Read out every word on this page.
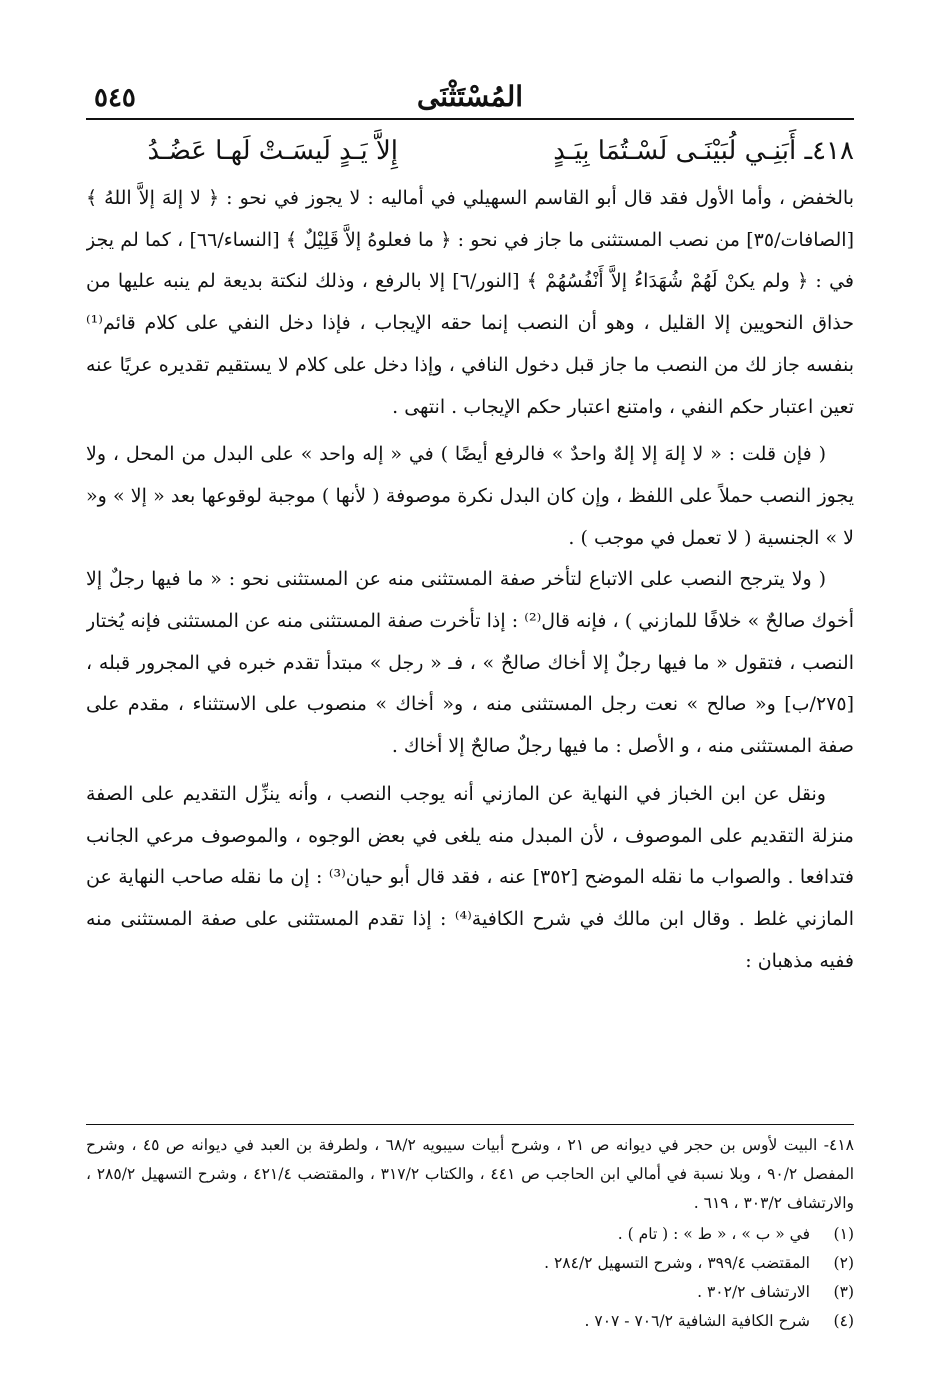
المُسْتَثْنَى
٥٤٥
٤١٨ـ أَبَنِـي لُبَيْنَـى لَسْـتُمَا بِيَـدٍ
إِلاَّ يَـدٍ لَيسَـتْ لَهـا عَضُـدُ

بالخفض ، وأما الأول فقد قال أبو القاسم السهيلي في أماليه : لا يجوز في نحو : ﴿ لا إلهَ إلاَّ اللهُ ﴾ [الصافات/٣٥] من نصب المستثنى ما جاز في نحو : ﴿ ما فعلوهُ إلاَّ قَلِيْلٌ ﴾ [النساء/٦٦] ، كما لم يجز في : ﴿ ولم يكنْ لَهُمْ شُهَدَاءُ إلاَّ أَنْفُسُهُمْ ﴾ [النور/٦] إلا بالرفع ، وذلك لنكتة بديعة لم ينبه عليها من حذاق النحويين إلا القليل ، وهو أن النصب إنما حقه الإيجاب ، فإذا دخل النفي على كلام قائم⁽¹⁾ بنفسه جاز لك من النصب ما جاز قبل دخول النافي ، وإذا دخل على كلام لا يستقيم تقديره عريًا عنه تعين اعتبار حكم النفي ، وامتنع اعتبار حكم الإيجاب . انتهى .

( فإن قلت : « لا إلهَ إلا إلهٌ واحدٌ » فالرفع أيضًا ) في « إله واحد » على البدل من المحل ، ولا يجوز النصب حملاً على اللفظ ، وإن كان البدل نكرة موصوفة ( لأنها ) موجبة لوقوعها بعد « إلا » و« لا » الجنسية ( لا تعمل في موجب ) .

( ولا يترجح النصب على الاتباع لتأخر صفة المستثنى منه عن المستثنى نحو : « ما فيها رجلٌ إلا أخوك صالحٌ » خلافًا للمازني ) ، فإنه قال⁽²⁾ : إذا تأخرت صفة المستثنى منه عن المستثنى فإنه يُختار النصب ، فتقول « ما فيها رجلٌ إلا أخاك صالحٌ » ، فـ « رجل » مبتدأ تقدم خبره في المجرور قبله ، [٢٧٥/ب] و« صالح » نعت رجل المستثنى منه ، و« أخاك » منصوب على الاستثناء ، مقدم على صفة المستثنى منه ، و الأصل : ما فيها رجلٌ صالحٌ إلا أخاك .

ونقل عن ابن الخباز في النهاية عن المازني أنه يوجب النصب ، وأنه ينزِّل التقديم على الصفة منزلة التقديم على الموصوف ، لأن المبدل منه يلغى في بعض الوجوه ، والموصوف مرعي الجانب فتدافعا . والصواب ما نقله الموضح [٣٥٢] عنه ، فقد قال أبو حيان⁽³⁾ : إن ما نقله صاحب النهاية عن المازني غلط . وقال ابن مالك في شرح الكافية⁽⁴⁾ : إذا تقدم المستثنى على صفة المستثنى منه ففيه مذهبان :

٤١٨- البيت لأوس بن حجر في ديوانه ص ٢١ ، وشرح أبيات سيبويه ٦٨/٢ ، ولطرفة بن العبد في ديوانه ص ٤٥ ، وشرح المفصل ٩٠/٢ ، وبلا نسبة في أمالي ابن الحاجب ص ٤٤١ ، والكتاب ٣١٧/٢ ، والمقتضب ٤٢١/٤ ، وشرح التسهيل ٢٨٥/٢ ، والارتشاف ٣٠٣/٢ ، ٦١٩ .

(١)
في « ب » ، « ط » : ( تام ) .
(٢)
المقتضب ٣٩٩/٤ ، وشرح التسهيل ٢٨٤/٢ .
(٣)
الارتشاف ٣٠٢/٢ .
(٤)
شرح الكافية الشافية ٧٠٦/٢ - ٧٠٧ .
